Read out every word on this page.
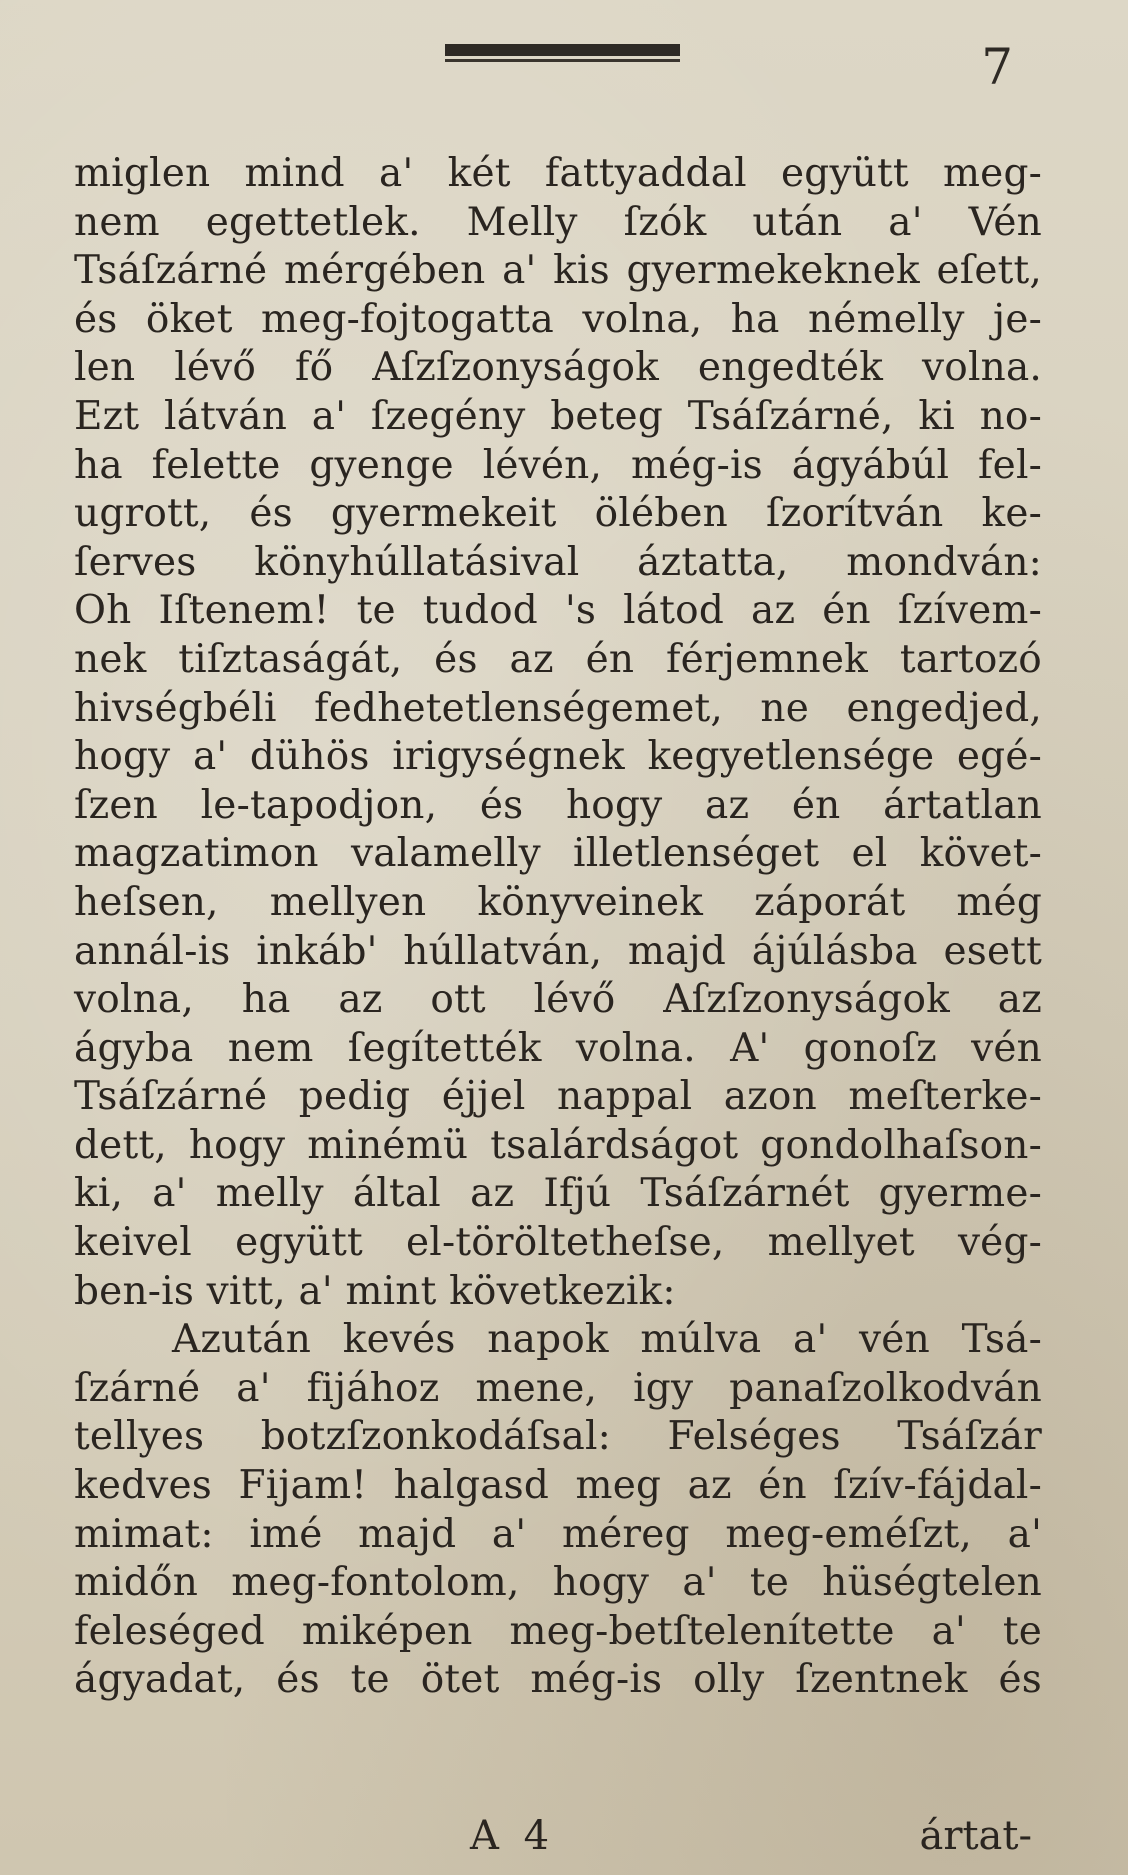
7
miglen mind a' két fattyaddal együtt meg-
nem egettetlek. Melly ſzók után a' Vén
Tsáſzárné mérgében a' kis gyermekeknek eſett,
és öket meg-fojtogatta volna, ha némelly je-
len lévő fő Aſzſzonyságok engedték volna.
Ezt látván a' ſzegény beteg Tsáſzárné, ki no-
ha felette gyenge lévén, még-is ágyábúl fel-
ugrott, és gyermekeit ölében ſzorítván ke-
ſerves könyhúllatásival áztatta, mondván:
Oh Iſtenem! te tudod 's látod az én ſzívem-
nek tiſztaságát, és az én férjemnek tartozó
hivségbéli fedhetetlenségemet, ne engedjed,
hogy a' dühös irigységnek kegyetlensége egé-
ſzen le-tapodjon, és hogy az én ártatlan
magzatimon valamelly illetlenséget el követ-
heſsen, mellyen könyveinek záporát még
annál-is inkáb' húllatván, majd ájúlásba esett
volna, ha az ott lévő Aſzſzonyságok az
ágyba nem ſegítették volna. A' gonoſz vén
Tsáſzárné pedig éjjel nappal azon meſterke-
dett, hogy minémü tsalárdságot gondolhaſson-
ki, a' melly által az Ifjú Tsáſzárnét gyerme-
keivel együtt el-töröltetheſse, mellyet vég-
ben-is vitt, a' mint következik:
Azután kevés napok múlva a' vén Tsá-
ſzárné a' fijához mene, igy panaſzolkodván
tellyes botzſzonkodáſsal: Felséges Tsáſzár
kedves Fijam! halgasd meg az én ſzív-fájdal-
mimat: imé majd a' méreg meg-eméſzt, a'
midőn meg-fontolom, hogy a' te hüségtelen
feleséged miképen meg-betſtelenítette a' te
ágyadat, és te ötet még-is olly ſzentnek és
A 4	ártat-
